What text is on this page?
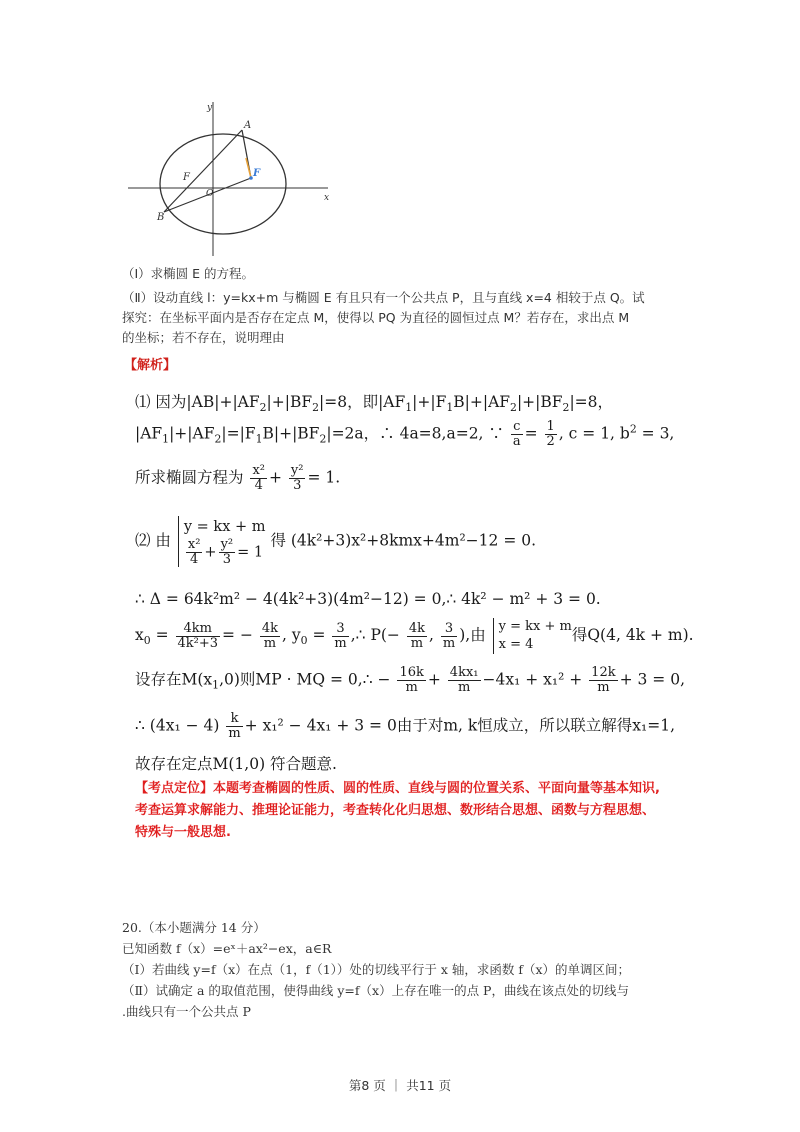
y
x
A
B
F	F
O
（Ⅰ）求椭圆 E 的方程。
（Ⅱ）设动直线 l：y=kx+m 与椭圆 E 有且只有一个公共点 P，且与直线 x=4 相较于点 Q。试
探究：在坐标平面内是否存在定点 M，使得以 PQ 为直径的圆恒过点 M？若存在，求出点 M
的坐标；若不存在，说明理由
【解析】
⑴ 因为$|AB|+|AF_2|+|BF_2|=8$，即$|AF_1|+|F_1B|+|AF_2|+|BF_2|=8$，
$|AF_1|+|AF_2|=|F_1B|+|BF_2|=2a$，∴ 4a=8,a=2, ∵ $\frac{c}{a} = \frac{1}{2}$ , c = 1, $b^2 = 3$,
所求椭圆方程为 $\frac{\text{x²}}{4} + \frac{\text{y²}}{3} = 1$.
⑵ 由
y = kx + m
$\frac{\text{x²}}{4} + \frac{\text{y²}}{3} = 1$
得 (4k²+3)x²+8kmx+4m²−12 = 0.
∴ Δ = 64k²m² − 4(4k²+3)(4m²−12) = 0,∴ 4k² − m² + 3 = 0.
$x_0 = \frac{4km}{\text{4k²+3}}$ = − $\frac{4k}{m}$ , $y_0 = \frac{3}{m}$ ,∴ $P(- \frac{4k}{m}$ , $\frac{3}{m}$ ),由 y = kx + m
x = 4
得Q(4, 4k + m).
设存在$M(x_1,0)$则MP · MQ = 0,∴ − $\frac{16k}{m} + \frac{\text{4kx₁}}{m} -4x_1 + x_1^2 + \frac{12k}{m} + 3 = 0$,
∴ $(4x_1 - 4) \frac{k}{m} + x_1^2 - 4x_1 + 3 = 0$由于对m, k恒成立，所以联立解得x₁=1,
故存在定点M(1,0) 符合题意.
【考点定位】本题考查椭圆的性质、圆的性质、直线与圆的位置关系、平面向量等基本知识,
考查运算求解能力、推理论证能力，考查转化化归思想、数形结合思想、函数与方程思想、
特殊与一般思想.
20.（本小题满分 14 分）
已知函数 f（x）=eˣ＋ax²−ex，a∈R
（Ⅰ）若曲线 y=f（x）在点（1，f（1））处的切线平行于 x 轴，求函数 f（x）的单调区间；
（Ⅱ）试确定 a 的取值范围，使得曲线 y=f（x）上存在唯一的点 P，曲线在该点处的切线与
.曲线只有一个公共点 P
第8 页 ｜ 共11 页
